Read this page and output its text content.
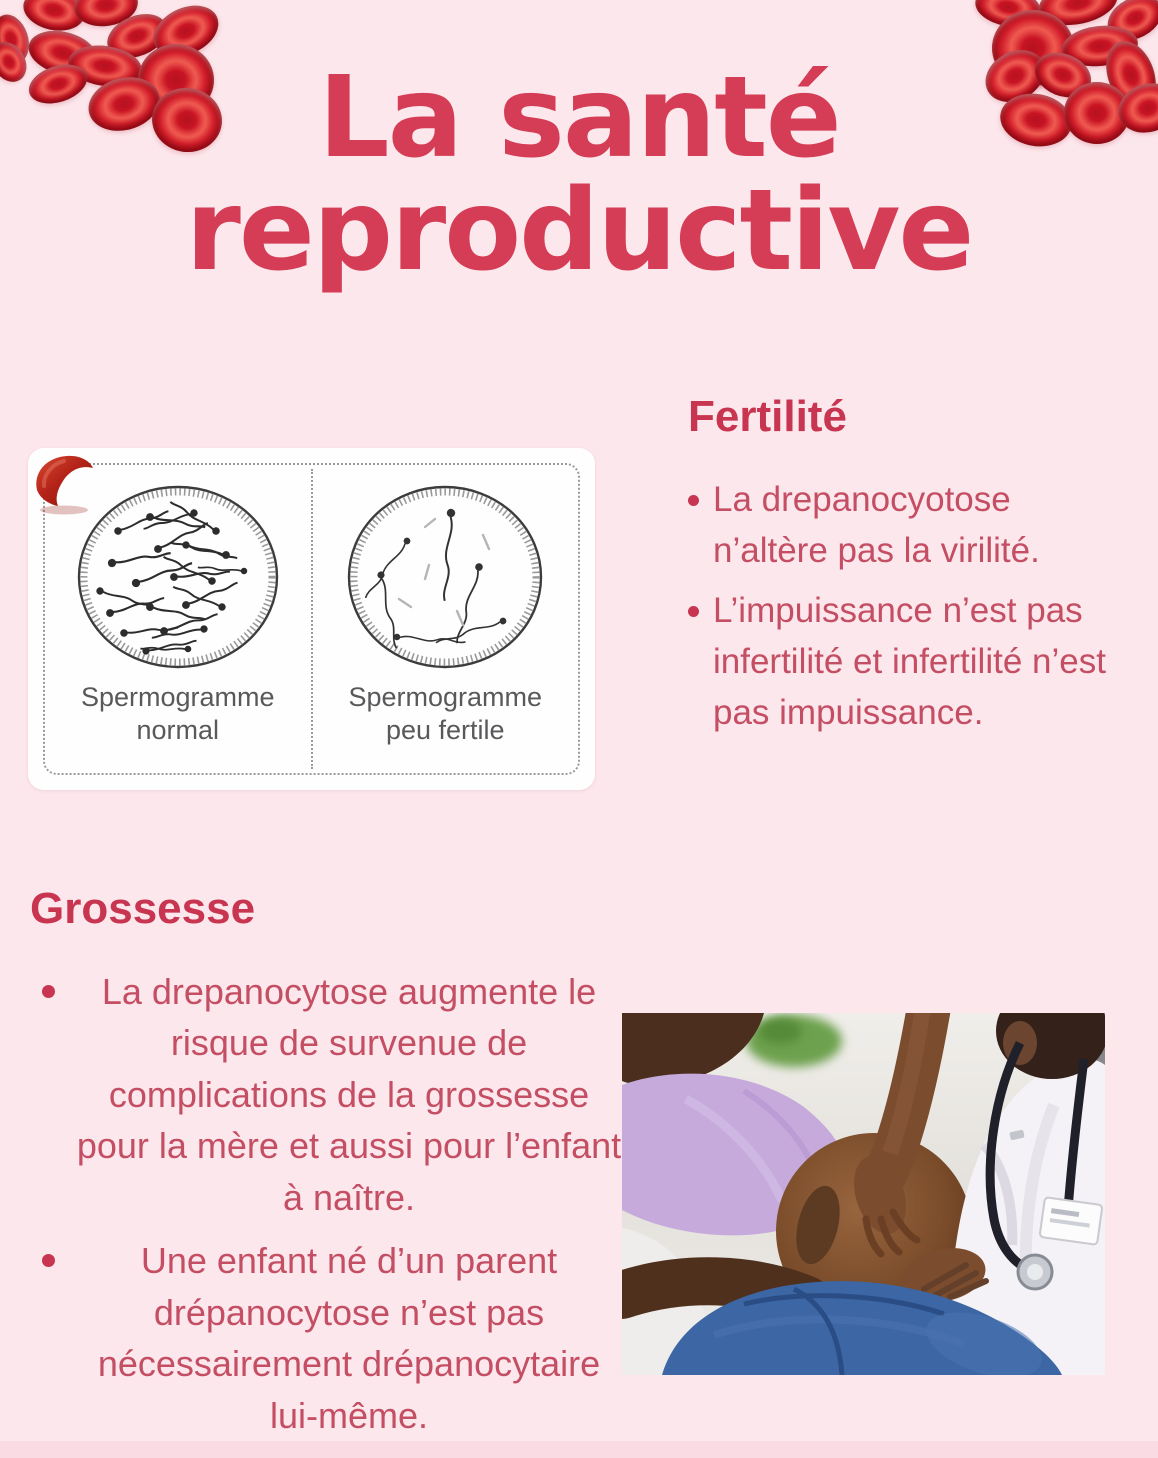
La santé reproductive
Fertilité
La drepanocyotose n’altère pas la virilité.
L’impuissance n’est pas infertilité et infertilité n’est pas impuissance.
Spermogramme normal
Spermogramme peu fertile
Grossesse
La drepanocytose augmente le risque de survenue de complications de la grossesse pour la mère et aussi pour l’enfant à naître.
Une enfant né d’un parent drépanocytose n’est pas nécessairement drépanocytaire lui-même.
